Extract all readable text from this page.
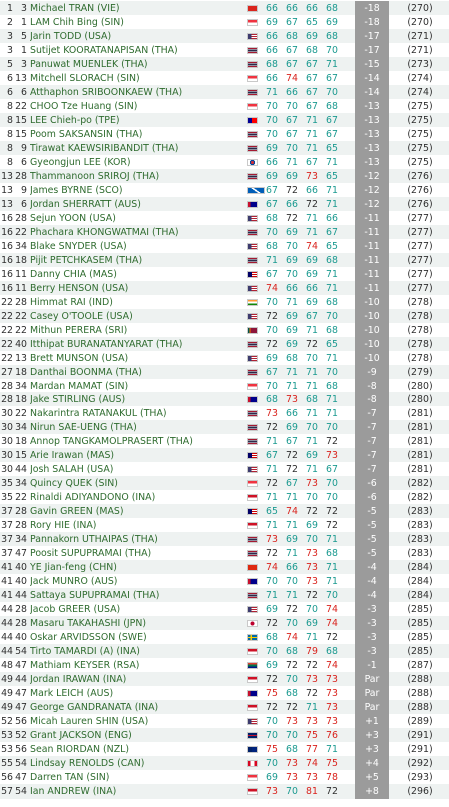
1 3 Michael TRAN (VIE)	66 66 66 68	-18	(270)
2 1 LAM Chih Bing (SIN)	69 67 65 69	-18	(270)
3 5 Jarin TODD (USA)	66 68 69 68	-17	(271)
3 1 Sutijet KOORATANAPISAN (THA)	66 67 68 70	-17	(271)
5 3 Panuwat MUENLEK (THA)	68 67 67 71	-15	(273)
6 13 Mitchell SLORACH (SIN)	66 74 67 67	-14	(274)
6 6 Atthaphon SRIBOONKAEW (THA)	71 66 67 70	-14	(274)
8 22 CHOO Tze Huang (SIN)	70 70 67 68	-13	(275)
8 15 LEE Chieh-po (TPE)	70 67 71 67	-13	(275)
8 15 Poom SAKSANSIN (THA)	70 67 71 67	-13	(275)
8 9 Tirawat KAEWSIRIBANDIT (THA)	69 70 71 65	-13	(275)
8 6 Gyeongjun LEE (KOR)	66 71 67 71	-13	(275)
13 28 Thammanoon SRIROJ (THA)	69 69 73 65	-12	(276)
13 9 James BYRNE (SCO)	67 72 66 71	-12	(276)
13 6 Jordan SHERRATT (AUS)	67 66 72 71	-12	(276)
16 28 Sejun YOON (USA)	68 72 71 66	-11	(277)
16 22 Phachara KHONGWATMAI (THA)	70 69 71 67	-11	(277)
16 34 Blake SNYDER (USA)	68 70 74 65	-11	(277)
16 18 Pijit PETCHKASEM (THA)	71 69 69 68	-11	(277)
16 11 Danny CHIA (MAS)	67 70 69 71	-11	(277)
16 11 Berry HENSON (USA)	74 66 66 71	-11	(277)
22 28 Himmat RAI (IND)	70 71 69 68	-10	(278)
22 22 Casey O'TOOLE (USA)	72 69 67 70	-10	(278)
22 22 Mithun PERERA (SRI)	70 69 71 68	-10	(278)
22 40 Itthipat BURANATANYARAT (THA)	72 69 72 65	-10	(278)
22 13 Brett MUNSON (USA)	69 68 70 71	-10	(278)
27 18 Danthai BOONMA (THA)	67 71 71 70	-9	(279)
28 34 Mardan MAMAT (SIN)	70 71 71 68	-8	(280)
28 18 Jake STIRLING (AUS)	68 73 68 71	-8	(280)
30 22 Nakarintra RATANAKUL (THA)	73 66 71 71	-7	(281)
30 34 Nirun SAE-UENG (THA)	72 69 70 70	-7	(281)
30 18 Annop TANGKAMOLPRASERT (THA)	71 67 71 72	-7	(281)
30 15 Arie Irawan (MAS)	67 72 69 73	-7	(281)
30 44 Josh SALAH (USA)	71 72 71 67	-7	(281)
35 34 Quincy QUEK (SIN)	72 67 73 70	-6	(282)
35 22 Rinaldi ADIYANDONO (INA)	71 71 70 70	-6	(282)
37 28 Gavin GREEN (MAS)	65 74 72 72	-5	(283)
37 28 Rory HIE (INA)	71 71 69 72	-5	(283)
37 34 Pannakorn UTHAIPAS (THA)	73 69 70 71	-5	(283)
37 47 Poosit SUPUPRAMAI (THA)	72 71 73 68	-5	(283)
41 40 YE Jian-feng (CHN)	74 66 73 71	-4	(284)
41 40 Jack MUNRO (AUS)	70 70 73 71	-4	(284)
41 44 Sattaya SUPUPRAMAI (THA)	71 71 72 70	-4	(284)
44 28 Jacob GREER (USA)	69 72 70 74	-3	(285)
44 28 Masaru TAKAHASHI (JPN)	72 70 69 74	-3	(285)
44 40 Oskar ARVIDSSON (SWE)	68 74 71 72	-3	(285)
44 54 Tirto TAMARDI (A) (INA)	70 68 79 68	-3	(285)
48 47 Mathiam KEYSER (RSA)	69 72 72 74	-1	(287)
49 44 Jordan IRAWAN (INA)	72 70 73 73	Par	(288)
49 47 Mark LEICH (AUS)	75 68 72 73	Par	(288)
49 47 George GANDRANATA (INA)	72 72 71 73	Par	(288)
52 56 Micah Lauren SHIN (USA)	70 73 73 73	+1	(289)
53 52 Grant JACKSON (ENG)	70 70 75 76	+3	(291)
53 56 Sean RIORDAN (NZL)	75 68 77 71	+3	(291)
55 54 Lindsay RENOLDS (CAN)	70 73 74 75	+4	(292)
56 47 Darren TAN (SIN)	69 73 73 78	+5	(293)
57 54 Ian ANDREW (INA)	73 70 81 72	+8	(296)
